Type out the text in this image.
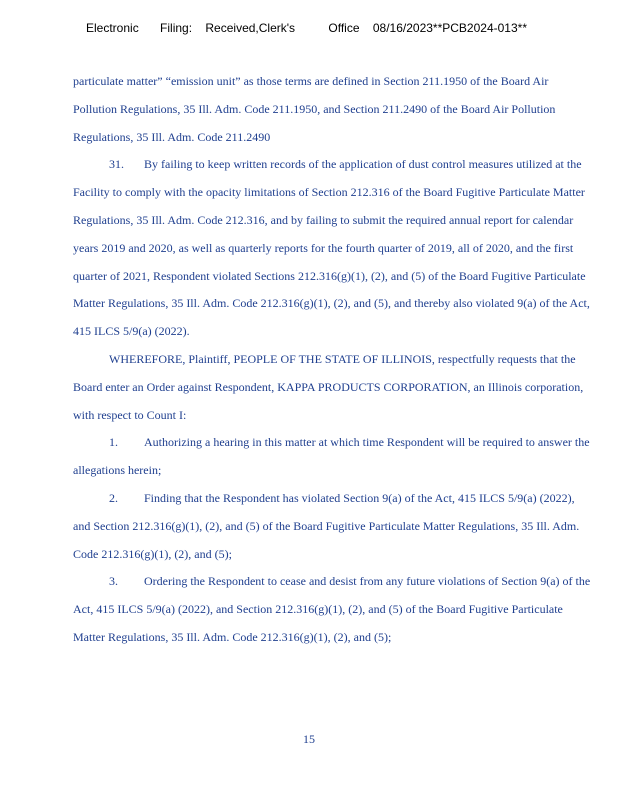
Electronic Filing: Received,Clerk's	Office 08/16/2023**PCB2024-013**

particulate matter” “emission unit” as those terms are defined in Section 211.1950 of the Board Air Pollution Regulations, 35 Ill. Adm. Code 211.1950, and Section 211.2490 of the Board Air Pollution Regulations, 35 Ill. Adm. Code 211.2490

31. By failing to keep written records of the application of dust control measures utilized at the Facility to comply with the opacity limitations of Section 212.316 of the Board Fugitive Particulate Matter Regulations, 35 Ill. Adm. Code 212.316, and by failing to submit the required annual report for calendar years 2019 and 2020, as well as quarterly reports for the fourth quarter of 2019, all of 2020, and the first quarter of 2021, Respondent violated Sections 212.316(g)(1), (2), and (5) of the Board Fugitive Particulate Matter Regulations, 35 Ill. Adm. Code 212.316(g)(1), (2), and (5), and thereby also violated 9(a) of the Act, 415 ILCS 5/9(a) (2022).

WHEREFORE, Plaintiff, PEOPLE OF THE STATE OF ILLINOIS, respectfully requests that the Board enter an Order against Respondent, KAPPA PRODUCTS CORPORATION, an Illinois corporation, with respect to Count I:

1. Authorizing a hearing in this matter at which time Respondent will be required to answer the allegations herein;

2. Finding that the Respondent has violated Section 9(a) of the Act, 415 ILCS 5/9(a) (2022), and Section 212.316(g)(1), (2), and (5) of the Board Fugitive Particulate Matter Regulations, 35 Ill. Adm. Code 212.316(g)(1), (2), and (5);

3. Ordering the Respondent to cease and desist from any future violations of Section 9(a) of the Act, 415 ILCS 5/9(a) (2022), and Section 212.316(g)(1), (2), and (5) of the Board Fugitive Particulate Matter Regulations, 35 Ill. Adm. Code 212.316(g)(1), (2), and (5);

15
